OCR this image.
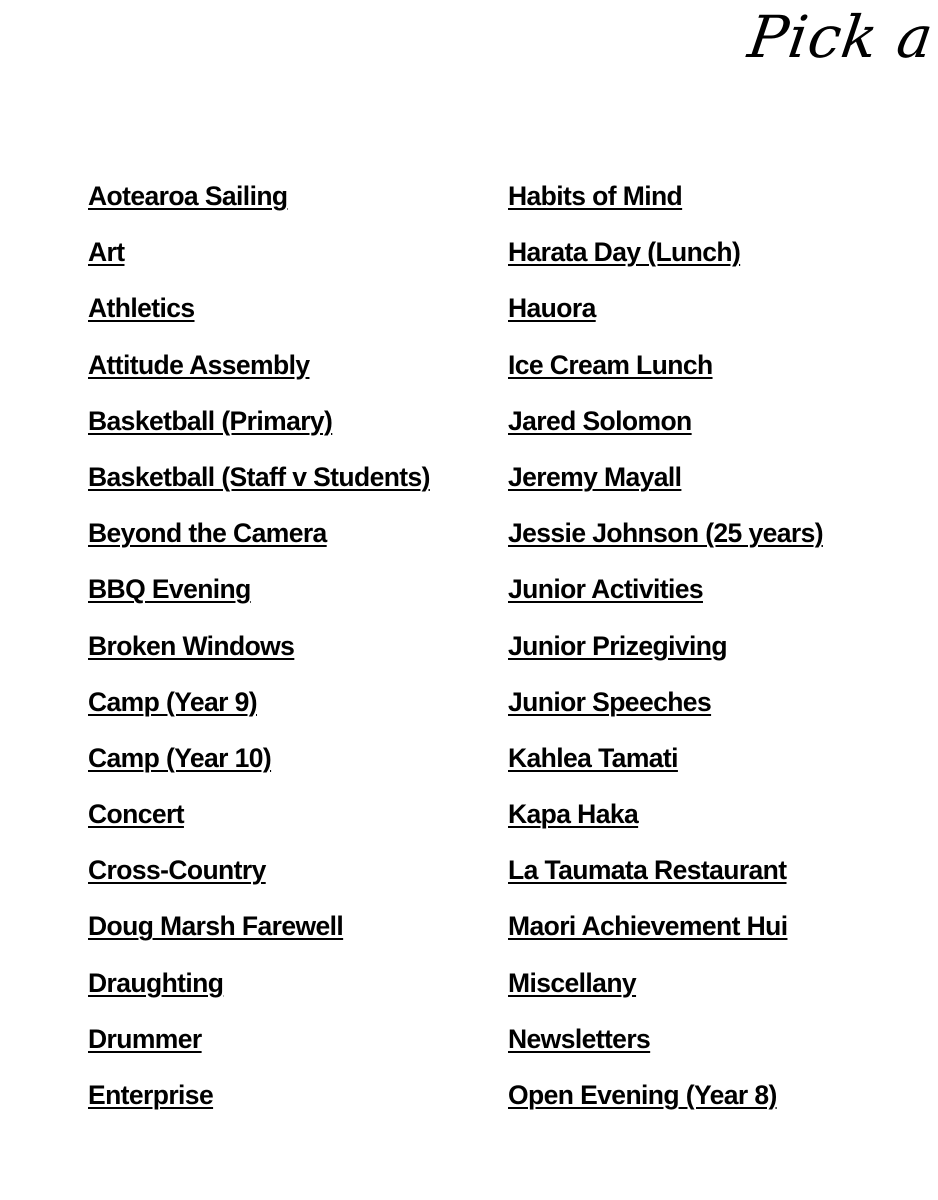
Pick a
Aotearoa Sailing
Art
Athletics
Attitude Assembly
Basketball (Primary)
Basketball (Staff v Students)
Beyond the Camera
BBQ Evening
Broken Windows
Camp (Year 9)
Camp (Year 10)
Concert
Cross-Country
Doug Marsh Farewell
Draughting
Drummer
Enterprise
Habits of Mind
Harata Day (Lunch)
Hauora
Ice Cream Lunch
Jared Solomon
Jeremy Mayall
Jessie Johnson (25 years)
Junior Activities
Junior Prizegiving
Junior Speeches
Kahlea Tamati
Kapa Haka
La Taumata Restaurant
Maori Achievement Hui
Miscellany
Newsletters
Open Evening (Year 8)
